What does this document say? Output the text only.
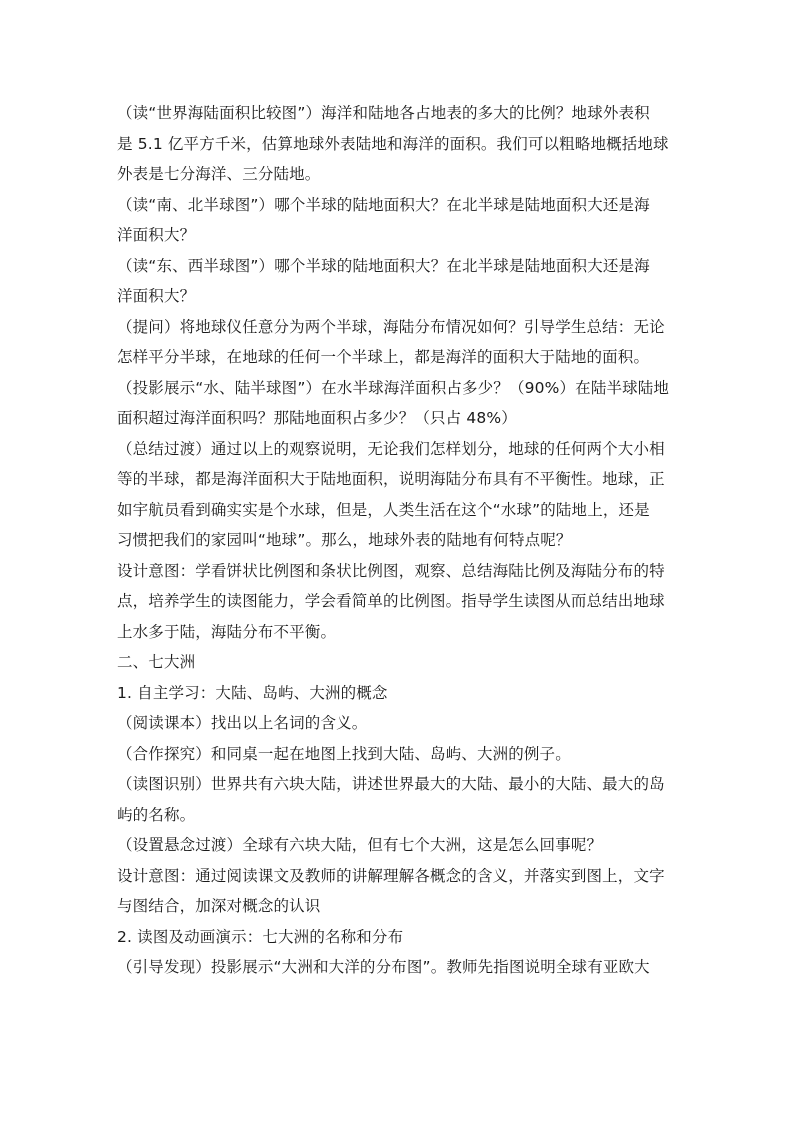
（读“世界海陆面积比较图”）海洋和陆地各占地表的多大的比例？地球外表积
是 5.1 亿平方千米，估算地球外表陆地和海洋的面积。我们可以粗略地概括地球
外表是七分海洋、三分陆地。
（读“南、北半球图”）哪个半球的陆地面积大？在北半球是陆地面积大还是海
洋面积大？
（读“东、西半球图”）哪个半球的陆地面积大？在北半球是陆地面积大还是海
洋面积大？
（提问）将地球仪任意分为两个半球，海陆分布情况如何？引导学生总结：无论
怎样平分半球，在地球的任何一个半球上，都是海洋的面积大于陆地的面积。
（投影展示“水、陆半球图”）在水半球海洋面积占多少？（90%）在陆半球陆地
面积超过海洋面积吗？那陆地面积占多少？（只占 48%）
（总结过渡）通过以上的观察说明，无论我们怎样划分，地球的任何两个大小相
等的半球，都是海洋面积大于陆地面积，说明海陆分布具有不平衡性。地球，正
如宇航员看到确实实是个水球，但是，人类生活在这个“水球”的陆地上，还是
习惯把我们的家园叫“地球”。那么，地球外表的陆地有何特点呢？
设计意图：学看饼状比例图和条状比例图，观察、总结海陆比例及海陆分布的特
点，培养学生的读图能力，学会看简单的比例图。指导学生读图从而总结出地球
上水多于陆，海陆分布不平衡。
二、七大洲
1. 自主学习：大陆、岛屿、大洲的概念
（阅读课本）找出以上名词的含义。
（合作探究）和同桌一起在地图上找到大陆、岛屿、大洲的例子。
（读图识别）世界共有六块大陆，讲述世界最大的大陆、最小的大陆、最大的岛
屿的名称。
（设置悬念过渡）全球有六块大陆，但有七个大洲，这是怎么回事呢？
设计意图：通过阅读课文及教师的讲解理解各概念的含义，并落实到图上，文字
与图结合，加深对概念的认识
2. 读图及动画演示：七大洲的名称和分布
（引导发现）投影展示“大洲和大洋的分布图”。教师先指图说明全球有亚欧大
